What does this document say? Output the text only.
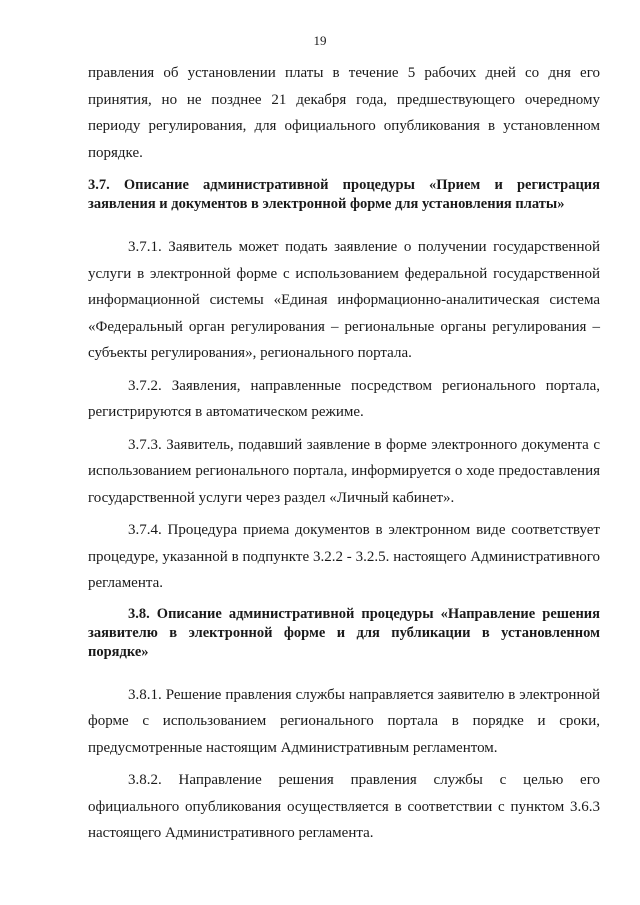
19

правления об установлении платы в течение 5 рабочих дней со дня его принятия, но не позднее 21 декабря года, предшествующего очередному периоду регулирования, для официального опубликования в установленном порядке.

3.7. Описание административной процедуры «Прием и регистрация заявления и документов в электронной форме для установления платы»

3.7.1. Заявитель может подать заявление о получении государственной услуги в электронной форме с использованием федеральной государственной информационной системы «Единая информационно-аналитическая система «Федеральный орган регулирования – региональные органы регулирования – субъекты регулирования», регионального портала.

3.7.2. Заявления, направленные посредством регионального портала, регистрируются в автоматическом режиме.

3.7.3. Заявитель, подавший заявление в форме электронного документа с использованием регионального портала, информируется о ходе предоставления государственной услуги через раздел «Личный кабинет».

3.7.4. Процедура приема документов в электронном виде соответствует процедуре, указанной в подпункте 3.2.2 - 3.2.5. настоящего Административного регламента.

3.8. Описание административной процедуры «Направление решения заявителю в электронной форме и для публикации в установленном порядке»

3.8.1. Решение правления службы направляется заявителю в электронной форме с использованием регионального портала в порядке и сроки, предусмотренные настоящим Административным регламентом.

3.8.2. Направление решения правления службы с целью его официального опубликования осуществляется в соответствии с пунктом 3.6.3 настоящего Административного регламента.
